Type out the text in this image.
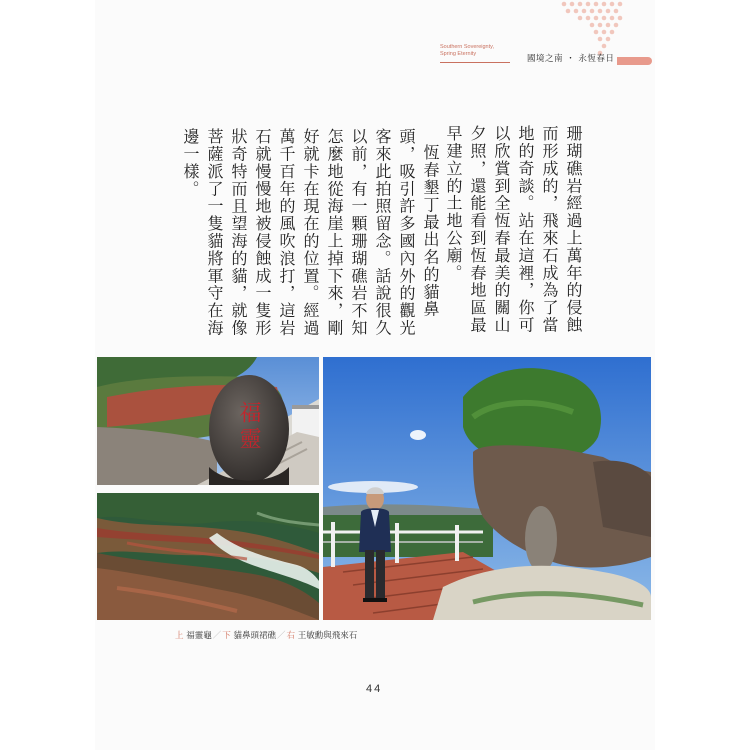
Southern Sovereignty,
Spring Eternity	國境之南 ・ 永恆春日
珊瑚礁岩經過上萬年的侵蝕而形成的，飛來石成為了當地的奇談。站在這裡，你可以欣賞到全恆春最美的關山夕照，還能看到恆春地區最早建立的土地公廟。
恆春墾丁最出名的貓鼻頭，吸引許多國內外的觀光客來此拍照留念。話說很久以前，有一顆珊瑚礁岩不知怎麼地從海崖上掉下來，剛好就卡在現在的位置。經過萬千百年的風吹浪打，這岩石就慢慢地被侵蝕成一隻形狀奇特而且望海的貓，就像菩薩派了一隻貓將軍守在海邊一樣。
福靈
上 福靈龜／下 貓鼻頭裙礁／右 王敏勳與飛來石
44
